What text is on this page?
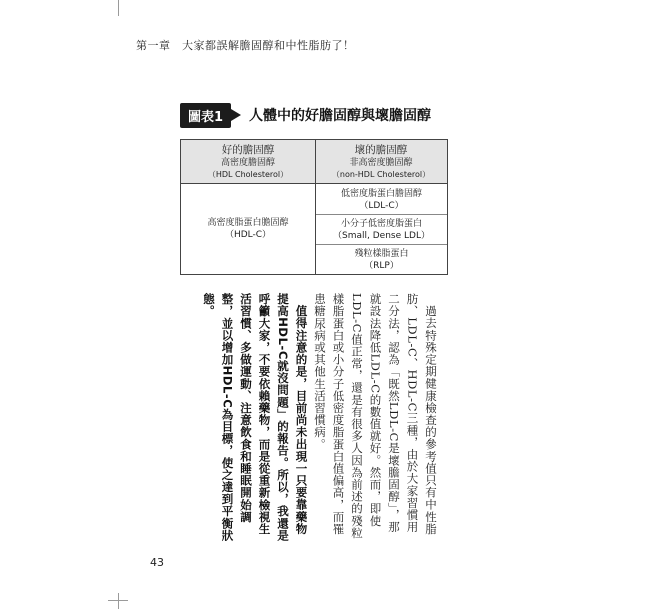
第一章　大家都誤解膽固醇和中性脂肪了！
圖表1	人體中的好膽固醇與壞膽固醇
好的膽固醇
高密度膽固醇
（HDL Cholesterol）
壞的膽固醇
非高密度膽固醇
（non-HDL Cholesterol）
高密度脂蛋白膽固醇
（HDL-C）
低密度脂蛋白膽固醇
（LDL-C）
小分子低密度脂蛋白
（Small, Dense LDL）
殘粒樣脂蛋白
（RLP）

過去特殊定期健康檢查的參考值只有中性脂肪、LDL-C、HDL-C三種，由於大家習慣用二分法，認為「既然LDL-C是壞膽固醇」，那就設法降低LDL-C的數值就好。然而，即使LDL-C值正常，還是有很多人因為前述的殘粒樣脂蛋白或小分子低密度脂蛋白值偏高，而罹患糖尿病或其他生活習慣病。

值得注意的是，目前尚未出現一只要靠藥物提高HDL-C就沒問題」的報告。所以，我還是呼籲大家，不要依賴藥物，而是從重新檢視生活習慣、多做運動、注意飲食和睡眠開始調整，並以增加HDL-C為目標，使之達到平衡狀態。

43
